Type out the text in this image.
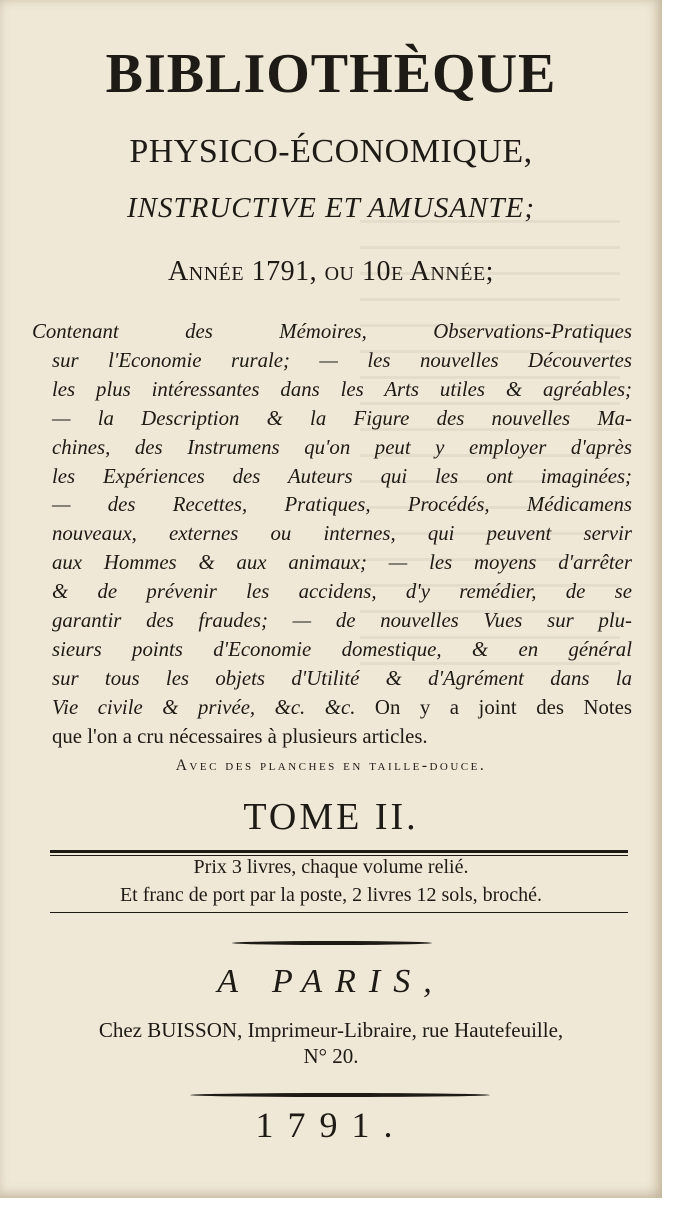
BIBLIOTHÈQUE
PHYSICO-ÉCONOMIQUE,
INSTRUCTIVE ET AMUSANTE;
Année 1791, ou 10e Année;
Contenant des Mémoires, Observations-Pratiques
sur l'Economie rurale; — les nouvelles Découvertes
les plus intéressantes dans les Arts utiles & agréables;
— la Description & la Figure des nouvelles Ma-
chines, des Instrumens qu'on peut y employer d'après
les Expériences des Auteurs qui les ont imaginées;
— des Recettes, Pratiques, Procédés, Médicamens
nouveaux, externes ou internes, qui peuvent servir
aux Hommes & aux animaux; — les moyens d'arrêter
& de prévenir les accidens, d'y remédier, de se
garantir des fraudes; — de nouvelles Vues sur plu-
sieurs points d'Economie domestique, & en général
sur tous les objets d'Utilité & d'Agrément dans la
Vie civile & privée, &c. &c. On y a joint des Notes
que l'on a cru nécessaires à plusieurs articles.
Avec des planches en taille-douce.
TOME II.
Prix 3 livres, chaque volume relié.
Et franc de port par la poste, 2 livres 12 sols, broché.
A PARIS,
Chez BUISSON, Imprimeur-Libraire, rue Hautefeuille,
N° 20.
1791.
